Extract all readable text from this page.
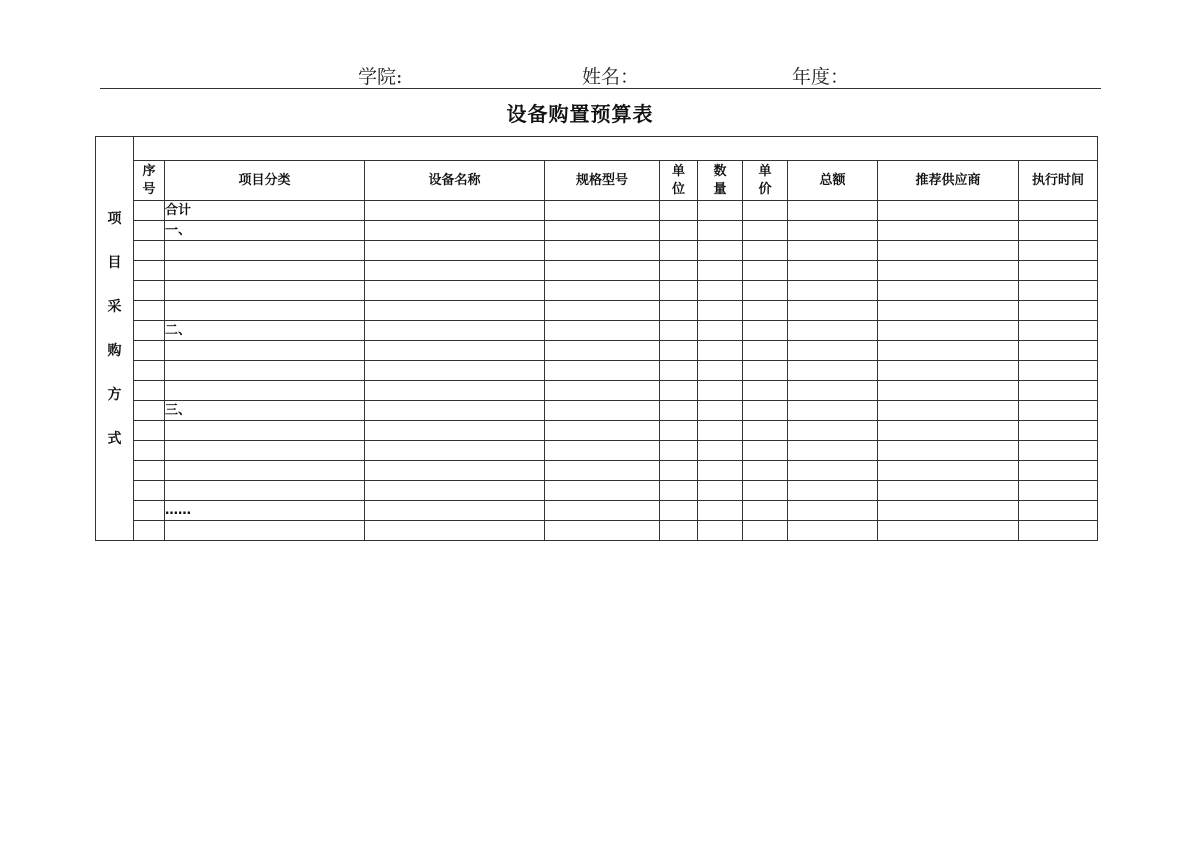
学院:	姓名：	年度：
设备购置预算表
项目采购方式										
	序号	项目分类	设备名称	规格型号	单位	数量	单价	总额	推荐供应商	执行时间
		合计								
		一、								

		二、								

		三、								

		……								
